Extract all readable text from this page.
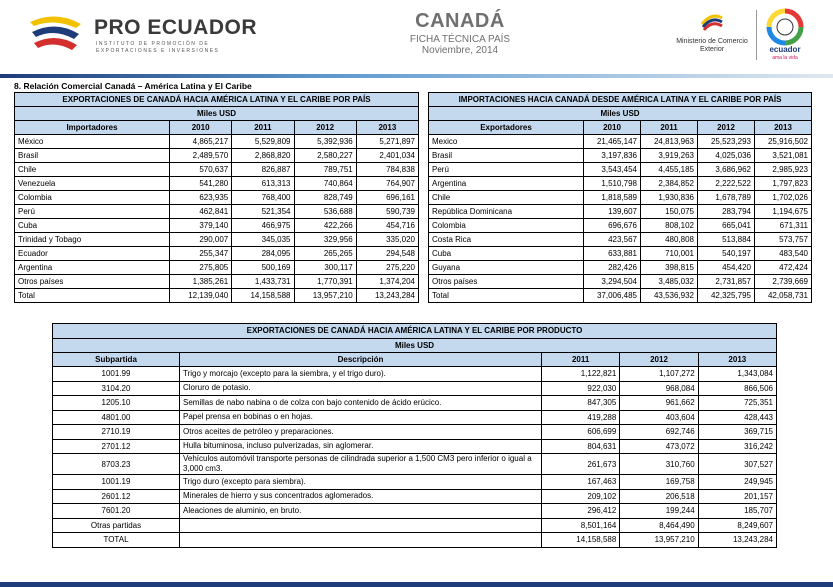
PRO ECUADOR
INSTITUTO DE PROMOCIÓN DE
EXPORTACIONES E INVERSIONES
CANADÁ
FICHA TÉCNICA PAÍS
Noviembre, 2014
Ministerio de Comercio Exterior	ecuador
ama la vida
8. Relación Comercial Canadá – América Latina y El Caribe
EXPORTACIONES DE CANADÁ HACIA AMÉRICA LATINA Y EL CARIBE POR PAÍS				
Miles USD				
Importadores	2010	2011	2012	2013
México	4,865,217	5,529,809	5,392,936	5,271,897
Brasil	2,489,570	2,868,820	2,580,227	2,401,034
Chile	570,637	826,887	789,751	784,838
Venezuela	541,280	613,313	740,864	764,907
Colombia	623,935	768,400	828,749	696,161
Perú	462,841	521,354	536,688	590,739
Cuba	379,140	466,975	422,266	454,716
Trinidad y Tobago	290,007	345,035	329,956	335,020
Ecuador	255,347	284,095	265,265	294,548
Argentina	275,805	500,169	300,117	275,220
Otros países	1,385,261	1,433,731	1,770,391	1,374,204
Total	12,139,040	14,158,588	13,957,210	13,243,284
IMPORTACIONES HACIA CANADÁ DESDE AMÉRICA LATINA Y EL CARIBE POR PAÍS				
Miles USD				
Exportadores	2010	2011	2012	2013
Mexico	21,465,147	24,813,963	25,523,293	25,916,502
Brasil	3,197,836	3,919,263	4,025,036	3,521,081
Perú	3,543,454	4,455,185	3,686,962	2,985,923
Argentina	1,510,798	2,384,852	2,222,522	1,797,823
Chile	1,818,589	1,930,836	1,678,789	1,702,026
República Dominicana	139,607	150,075	283,794	1,194,675
Colombia	696,676	808,102	665,041	671,311
Costa Rica	423,567	480,808	513,884	573,757
Cuba	633,881	710,001	540,197	483,540
Guyana	282,426	398,815	454,420	472,424
Otros países	3,294,504	3,485,032	2,731,857	2,739,669
Total	37,006,485	43,536,932	42,325,795	42,058,731
EXPORTACIONES DE CANADÁ HACIA AMÉRICA LATINA Y EL CARIBE POR PRODUCTO				
Miles USD				
Subpartida	Descripción	2011	2012	2013
1001.99	Trigo y morcajo (excepto para la siembra, y el trigo duro).	1,122,821	1,107,272	1,343,084
3104.20	Cloruro de potasio.	922,030	968,084	866,506
1205.10	Semillas de nabo nabina o de colza con bajo contenido de ácido erúcico.	847,305	961,662	725,351
4801.00	Papel prensa en bobinas o en hojas.	419,288	403,604	428,443
2710.19	Otros aceites de petróleo y preparaciones.	606,699	692,746	369,715
2701.12	Hulla bituminosa, incluso pulverizadas, sin aglomerar.	804,631	473,072	316,242
8703.23	Vehículos automóvil transporte personas de cilindrada superior a 1,500 CM3 pero inferior o igual a 3,000 cm3.	261,673	310,760	307,527
1001.19	Trigo duro (excepto para siembra).	167,463	169,758	249,945
2601.12	Minerales de hierro y sus concentrados aglomerados.	209,102	206,518	201,157
7601.20	Aleaciones de aluminio, en bruto.	296,412	199,244	185,707
Otras partidas		8,501,164	8,464,490	8,249,607
TOTAL		14,158,588	13,957,210	13,243,284
